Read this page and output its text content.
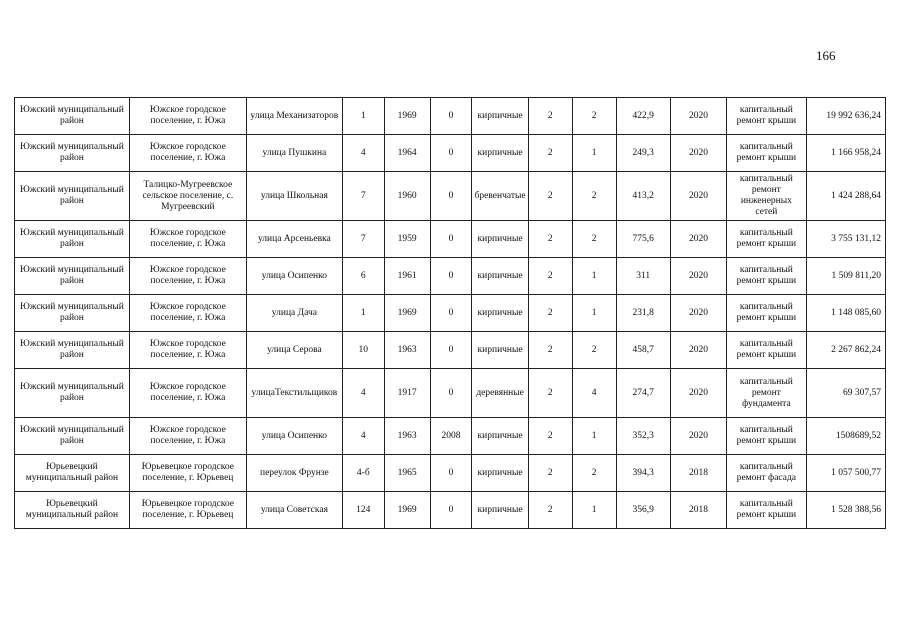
166
Южский муниципальный район	Южское городское поселение, г. Южа	улица Механизаторов	1	1969	0	кирпичные	2	2	422,9	2020	капитальный ремонт крыши	19 992 636,24
Южский муниципальный район	Южское городское поселение, г. Южа	улица Пушкина	4	1964	0	кирпичные	2	1	249,3	2020	капитальный ремонт крыши	1 166 958,24
Южский муниципальный район	Талицко-Мугреевское сельское поселение, с. Мугреевский	улица Школьная	7	1960	0	бревенчатые	2	2	413,2	2020	капитальный ремонт инженерных сетей	1 424 288,64
Южский муниципальный район	Южское городское поселение, г. Южа	улица Арсеньевка	7	1959	0	кирпичные	2	2	775,6	2020	капитальный ремонт крыши	3 755 131,12
Южский муниципальный район	Южское городское поселение, г. Южа	улица Осипенко	6	1961	0	кирпичные	2	1	311	2020	капитальный ремонт крыши	1 509 811,20
Южский муниципальный район	Южское городское поселение, г. Южа	улица Дача	1	1969	0	кирпичные	2	1	231,8	2020	капитальный ремонт крыши	1 148 085,60
Южский муниципальный район	Южское городское поселение, г. Южа	улица Серова	10	1963	0	кирпичные	2	2	458,7	2020	капитальный ремонт крыши	2 267 862,24
Южский муниципальный район	Южское городское поселение, г. Южа	улицаТекстильщиков	4	1917	0	деревянные	2	4	274,7	2020	капитальный ремонт фундамента	69 307,57
Южский муниципальный район	Южское городское поселение, г. Южа	улица Осипенко	4	1963	2008	кирпичные	2	1	352,3	2020	капитальный ремонт крыши	1508689,52
Юрьевецкий муниципальный район	Юрьевецкое городское поселение, г. Юрьевец	переулок Фрунзе	4-б	1965	0	кирпичные	2	2	394,3	2018	капитальный ремонт фасада	1 057 500,77
Юрьевецкий муниципальный район	Юрьевецкое городское поселение, г. Юрьевец	улица Советская	124	1969	0	кирпичные	2	1	356,9	2018	капитальный ремонт крыши	1 528 388,56
